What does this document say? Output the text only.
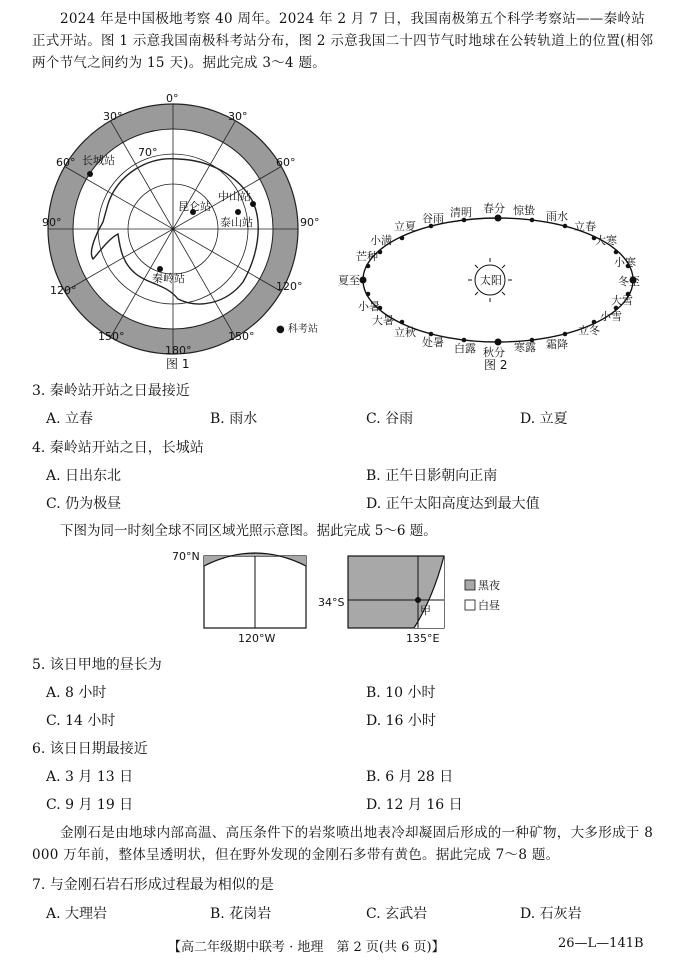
2024 年是中国极地考察 40 周年。2024 年 2 月 7 日，我国南极第五个科学考察站——秦岭站正式开站。图 1 示意我国南极科考站分布，图 2 示意我国二十四节气时地球在公转轨道上的位置(相邻两个节气之间约为 15 天)。据此完成 3～4 题。
0°
30°	30°
60°	60°
70°
90°	90°
120°	120°
150°	150°
180°
长城站
中山站
昆仑站
泰山站
秦岭站
● 科考站
图 1
太阳
春分 惊蛰 雨水
立春
大寒
小寒
冬至
大雪
小雪
立冬
霜降
寒露
秋分
白露
处暑
立秋
大暑
小暑
夏至
芒种
小满
立夏
谷雨 清明
图 2
3. 秦岭站开站之日最接近
A. 立春	B. 雨水	C. 谷雨	D. 立夏
4. 秦岭站开站之日，长城站
A. 日出东北	B. 正午日影朝向正南
C. 仍为极昼	D. 正午太阳高度达到最大值
下图为同一时刻全球不同区域光照示意图。据此完成 5～6 题。
70°N
120°W
34°S
135°E
甲
黑夜
白昼
5. 该日甲地的昼长为
A. 8 小时	B. 10 小时
C. 14 小时	D. 16 小时
6. 该日日期最接近
A. 3 月 13 日	B. 6 月 28 日
C. 9 月 19 日	D. 12 月 16 日
金刚石是由地球内部高温、高压条件下的岩浆喷出地表冷却凝固后形成的一种矿物，大多形成于 8 000 万年前，整体呈透明状，但在野外发现的金刚石多带有黄色。据此完成 7～8 题。
7. 与金刚石岩石形成过程最为相似的是
A. 大理岩	B. 花岗岩	C. 玄武岩	D. 石灰岩
【高二年级期中联考 · 地理　第 2 页(共 6 页)】	26—L—141B
